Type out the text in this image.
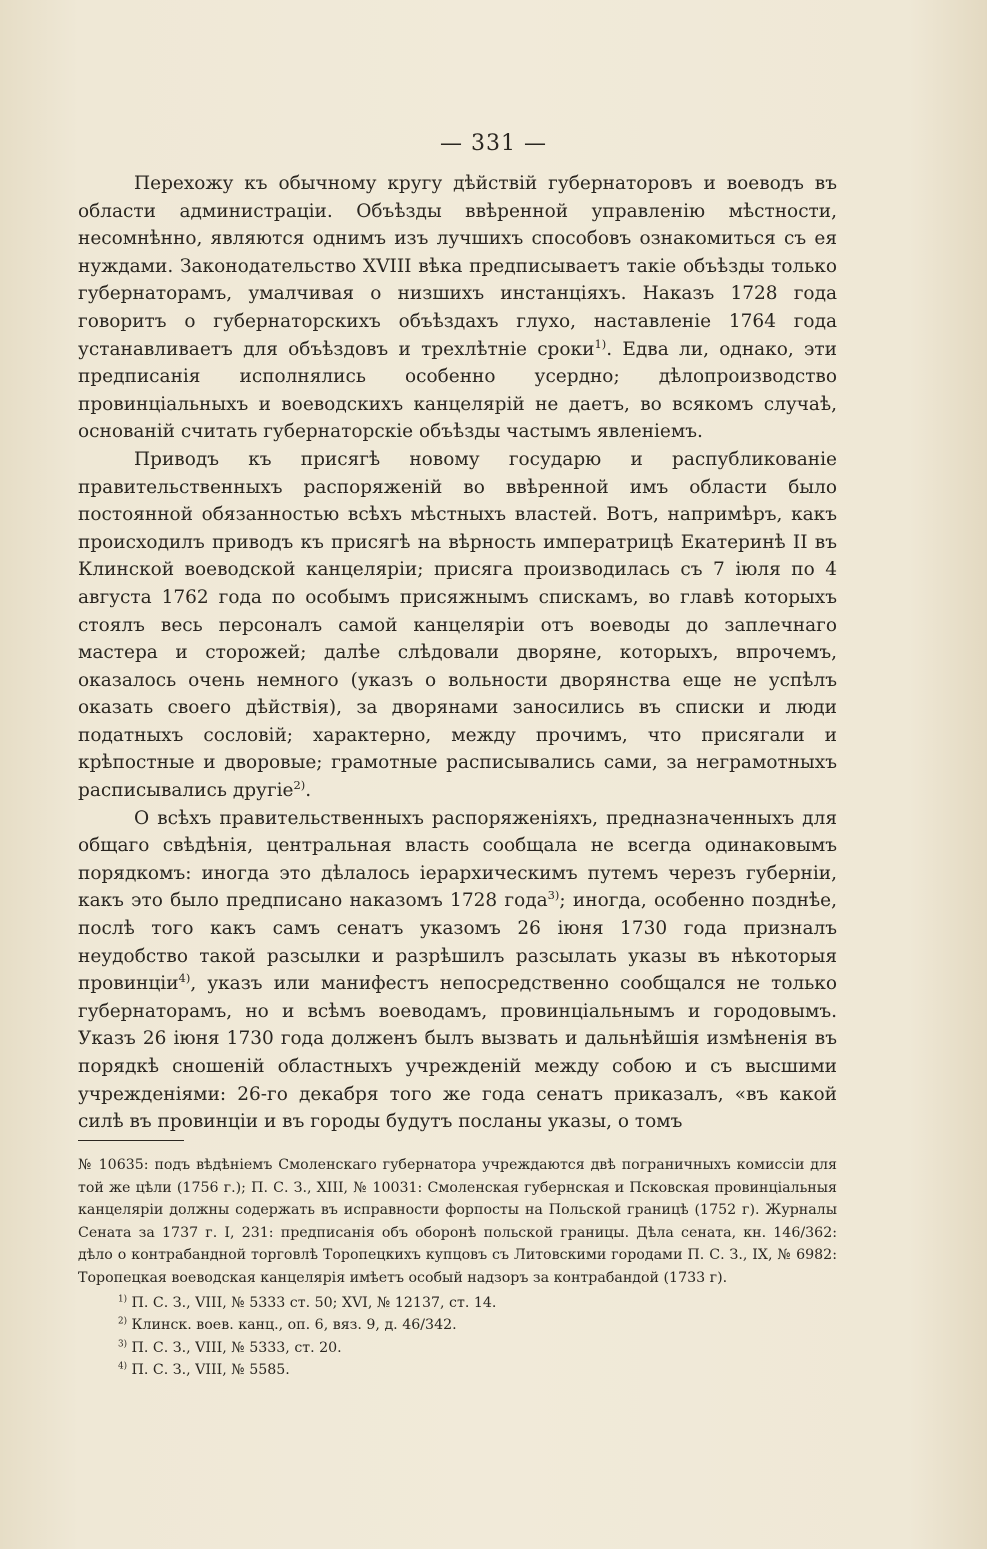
— 331 —

Перехожу къ обычному кругу дѣйствій губернаторовъ и воеводъ въ области администраціи. Объѣзды ввѣренной управленію мѣстности, несомнѣнно, являются однимъ изъ лучшихъ способовъ ознакомиться съ ея нуждами. Законодательство XVIII вѣка предписываетъ такіе объѣзды только губернаторамъ, умалчивая о низшихъ инстанціяхъ. Наказъ 1728 года говоритъ о губернаторскихъ объѣздахъ глухо, наставленіе 1764 года устанавливаетъ для объѣздовъ и трехлѣтніе сроки$^{1)}$. Едва ли, однако, эти предписанія исполнялись особенно усердно; дѣлопроизводство провинціальныхъ и воеводскихъ канцелярій не даетъ, во всякомъ случаѣ, основаній считать губернаторскіе объѣзды частымъ явленіемъ.

Приводъ къ присягѣ новому государю и распубликованіе правительственныхъ распоряженій во ввѣренной имъ области было постоянной обязанностью всѣхъ мѣстныхъ властей. Вотъ, напримѣръ, какъ происходилъ приводъ къ присягѣ на вѣрность императрицѣ Екатеринѣ II въ Клинской воеводской канцеляріи; присяга производилась съ 7 іюля по 4 августа 1762 года по особымъ присяжнымъ спискамъ, во главѣ которыхъ стоялъ весь персоналъ самой канцеляріи отъ воеводы до заплечнаго мастера и сторожей; далѣе слѣдовали дворяне, которыхъ, впрочемъ, оказалось очень немного (указъ о вольности дворянства еще не успѣлъ оказать своего дѣйствія), за дворянами заносились въ списки и люди податныхъ сословій; характерно, между прочимъ, что присягали и крѣпостные и дворовые; грамотные расписывались сами, за неграмотныхъ расписывались другіе$^{2)}$.

О всѣхъ правительственныхъ распоряженіяхъ, предназначенныхъ для общаго свѣдѣнія, центральная власть сообщала не всегда одинаковымъ порядкомъ: иногда это дѣлалось іерархическимъ путемъ черезъ губерніи, какъ это было предписано наказомъ 1728 года$^{3)}$; иногда, особенно позднѣе, послѣ того какъ самъ сенатъ указомъ 26 іюня 1730 года призналъ неудобство такой разсылки и разрѣшилъ разсылать указы въ нѣкоторыя провинціи$^{4)}$, указъ или манифестъ непосредственно сообщался не только губернаторамъ, но и всѣмъ воеводамъ, провинціальнымъ и городовымъ. Указъ 26 іюня 1730 года долженъ былъ вызвать и дальнѣйшія измѣненія въ порядкѣ сношеній областныхъ учрежденій между собою и съ высшими учрежденіями: 26-го декабря того же года сенатъ приказалъ, «въ какой силѣ въ провинціи и въ городы будутъ посланы указы, о томъ

№ 10635: подъ вѣдѣніемъ Смоленскаго губернатора учреждаются двѣ пограничныхъ комиссіи для той же цѣли (1756 г.); П. С. З., XIII, № 10031: Смоленская губернская и Псковская провинціальныя канцеляріи должны содержать въ исправности форпосты на Польской границѣ (1752 г). Журналы Сената за 1737 г. I, 231: предписанія объ оборонѣ польской границы. Дѣла сената, кн. 146/362: дѣло о контрабандной торговлѣ Торопецкихъ купцовъ съ Литовскими городами П. С. З., IX, № 6982: Торопецкая воеводская канцелярія имѣетъ особый надзоръ за контрабандой (1733 г).

$^{1)}$ П. С. З., VIII, № 5333 ст. 50; XVI, № 12137, ст. 14.

$^{2)}$ Клинск. воев. канц., оп. 6, вяз. 9, д. 46/342.

$^{3)}$ П. С. З., VIII, № 5333, ст. 20.

$^{4)}$ П. С. З., VIII, № 5585.
